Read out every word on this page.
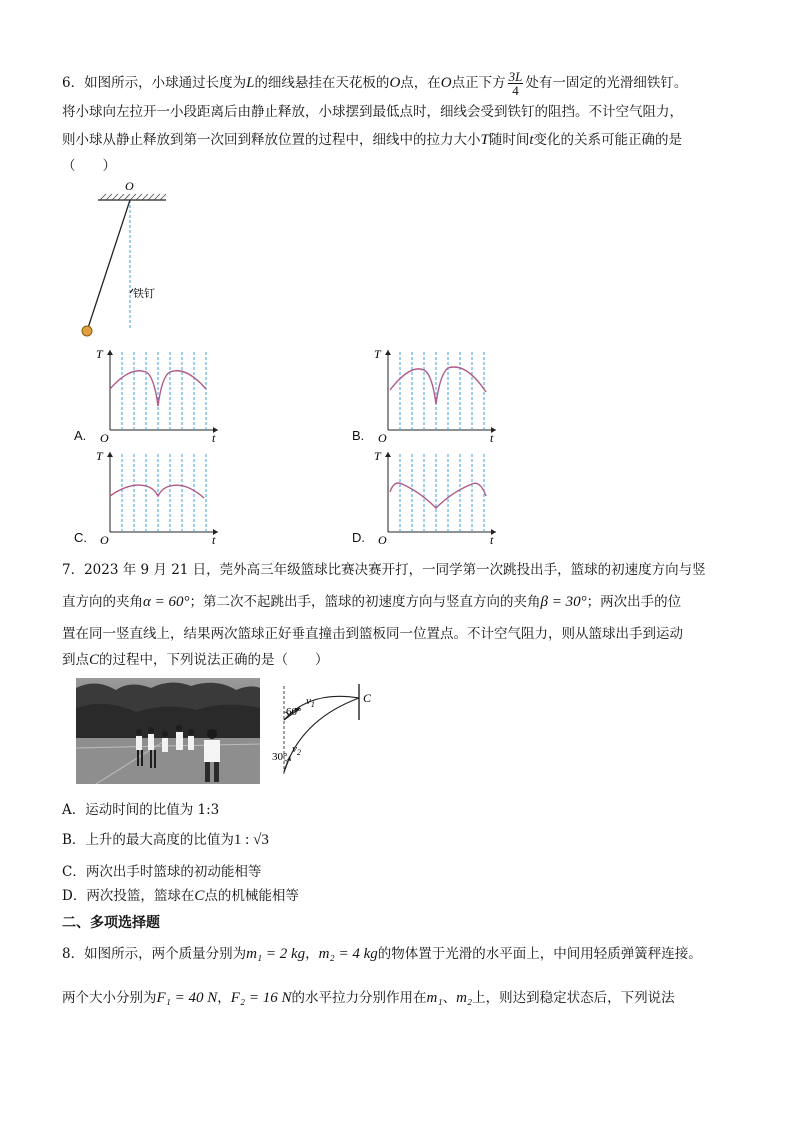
6．如图所示，小球通过长度为L的细线悬挂在天花板的O点，在O点正下方 $\frac{3L}{4}$ 处有一固定的光滑细铁钉。
将小球向左拉开一小段距离后由静止释放，小球摆到最低点时，细线会受到铁钉的阻挡。不计空气阻力，
则小球从静止释放到第一次回到释放位置的过程中，细线中的拉力大小T随时间t变化的关系可能正确的是
（　　）
O
铁钉
A.
T
O	t	B.
T
O	t
C.
T
O	t	D.
T
O	t
7．2023 年 9 月 21 日，莞外高三年级篮球比赛决赛开打，一同学第一次跳投出手，篮球的初速度方向与竖
直方向的夹角α = 60°；第二次不起跳出手，篮球的初速度方向与竖直方向的夹角β = 30°；两次出手的位
置在同一竖直线上，结果两次篮球正好垂直撞击到篮板同一位置点。不计空气阻力，则从篮球出手到运动
到点C的过程中，下列说法正确的是（　　）
60°
30°
$v_1$
$v_2$
C
A．运动时间的比值为 1:3
B．上升的最大高度的比值为1 : √3
C．两次出手时篮球的初动能相等
D．两次投篮，篮球在C点的机械能相等
二、多项选择题
8．如图所示，两个质量分别为m₁ = 2 kg，m₂ = 4 kg的物体置于光滑的水平面上，中间用轻质弹簧秤连接。
两个大小分别为F₁ = 40 N，F₂ = 16 N的水平拉力分别作用在m₁、m₂上，则达到稳定状态后，下列说法
